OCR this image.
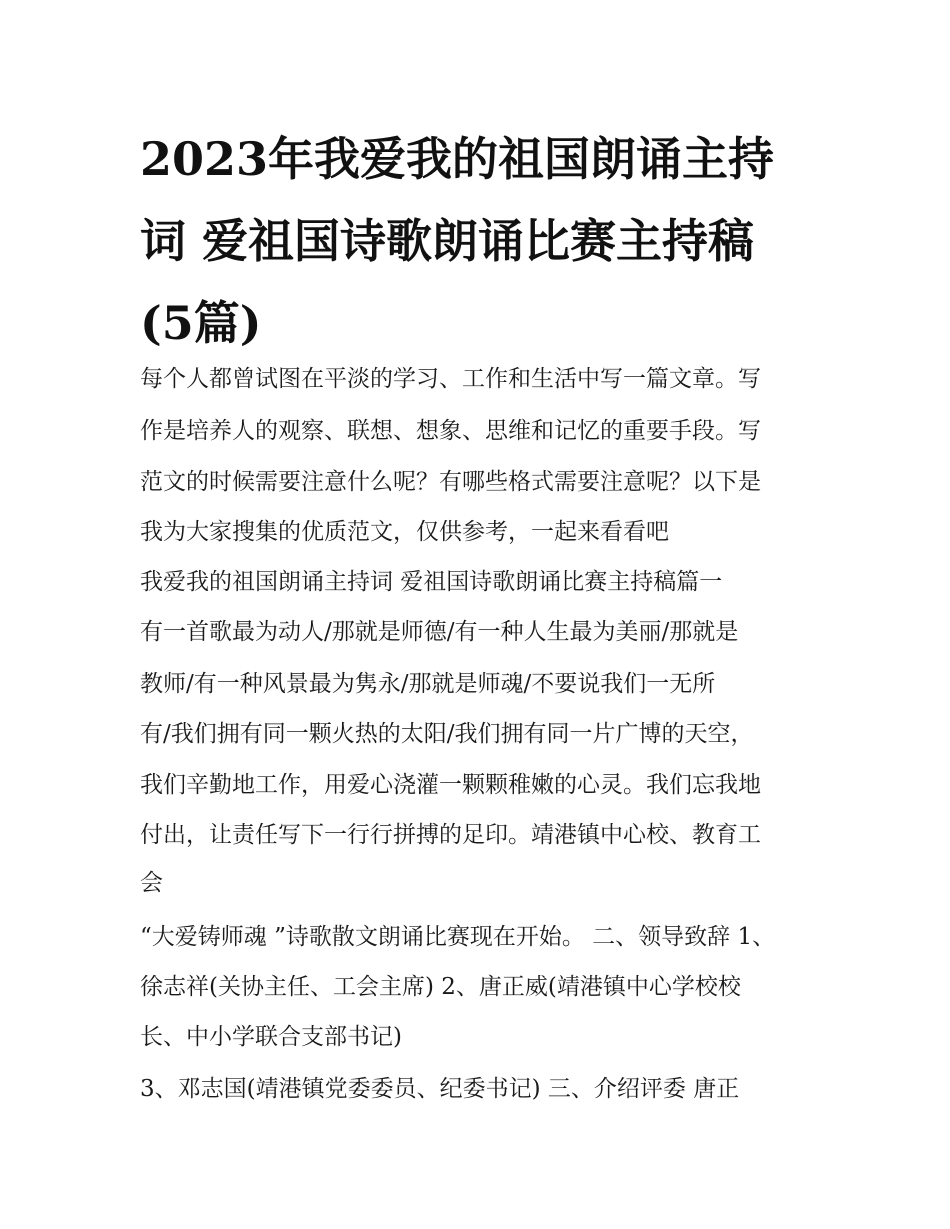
2023年我爱我的祖国朗诵主持
词 爱祖国诗歌朗诵比赛主持稿
(5篇)
每个人都曾试图在平淡的学习、工作和生活中写一篇文章。写
作是培养人的观察、联想、想象、思维和记忆的重要手段。写
范文的时候需要注意什么呢？有哪些格式需要注意呢？以下是
我为大家搜集的优质范文，仅供参考，一起来看看吧
我爱我的祖国朗诵主持词 爱祖国诗歌朗诵比赛主持稿篇一
有一首歌最为动人/那就是师德/有一种人生最为美丽/那就是
教师/有一种风景最为隽永/那就是师魂/不要说我们一无所
有/我们拥有同一颗火热的太阳/我们拥有同一片广博的天空，
我们辛勤地工作，用爱心浇灌一颗颗稚嫩的心灵。我们忘我地
付出，让责任写下一行行拼搏的足印。靖港镇中心校、教育工
会
“大爱铸师魂 ”诗歌散文朗诵比赛现在开始。 二、领导致辞 1、
徐志祥(关协主任、工会主席) 2、唐正威(靖港镇中心学校校
长、中小学联合支部书记)
3、邓志国(靖港镇党委委员、纪委书记) 三、介绍评委 唐正
